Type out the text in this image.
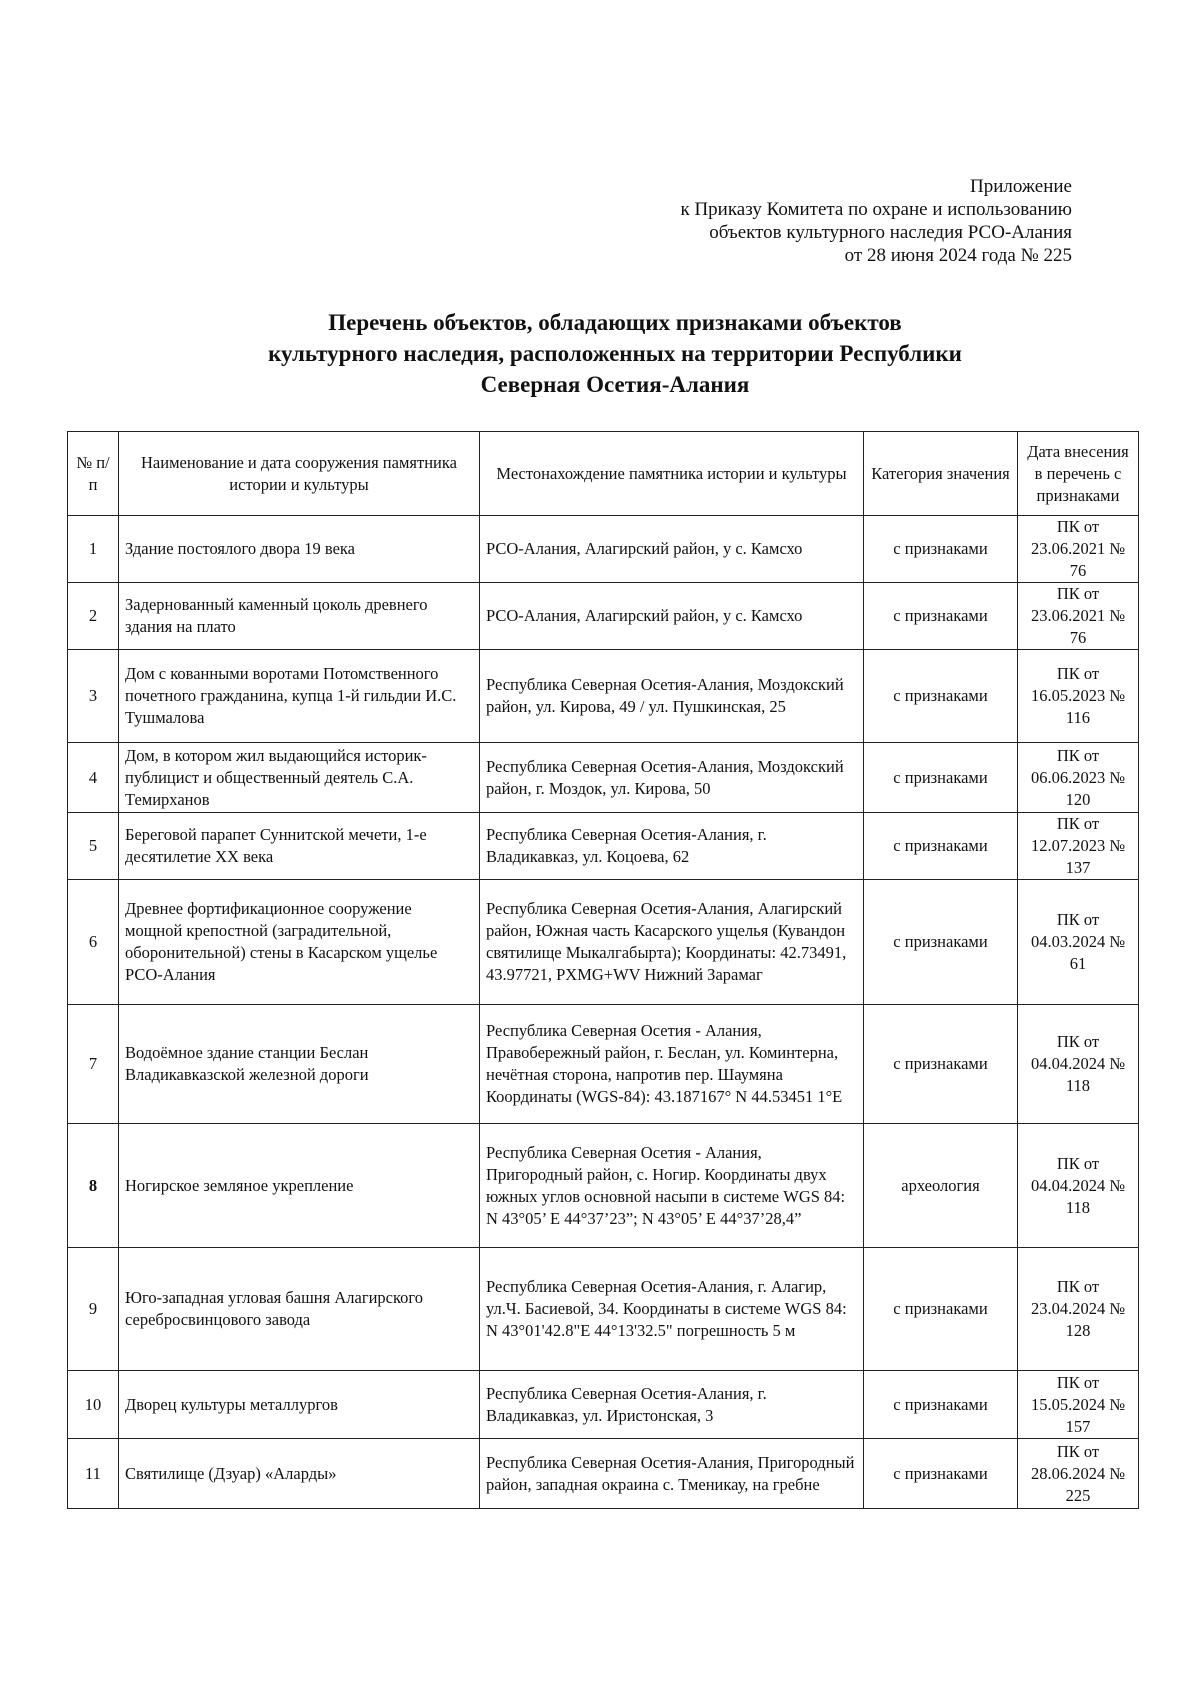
Приложение
к Приказу Комитета по охране и использованию
объектов культурного наследия РСО-Алания
от 28 июня 2024 года № 225
Перечень объектов, обладающих признаками объектов
культурного наследия, расположенных на территории Республики
Северная Осетия-Алания
№ п/п	Наименование и дата сооружения памятника истории и культуры	Местонахождение памятника истории и культуры	Категория значения	Дата внесения в перечень с признаками
1	Здание постоялого двора 19 века	РСО-Алания, Алагирский район, у с. Камсхо	с признаками	ПК от 23.06.2021 № 76
2	Задернованный каменный цоколь древнего здания на плато	РСО-Алания, Алагирский район, у с. Камсхо	с признаками	ПК от 23.06.2021 № 76
3	Дом с кованными воротами Потомственного почетного гражданина, купца 1-й гильдии И.С. Тушмалова	Республика Северная Осетия-Алания, Моздокский район, ул. Кирова, 49 / ул. Пушкинская, 25	с признаками	ПК от 16.05.2023 № 116
4	Дом, в котором жил выдающийся историк-публицист и общественный деятель С.А. Темирханов	Республика Северная Осетия-Алания, Моздокский район, г. Моздок, ул. Кирова, 50	с признаками	ПК от 06.06.2023 № 120
5	Береговой парапет Суннитской мечети, 1-е десятилетие XX века	Республика Северная Осетия-Алания, г. Владикавказ, ул. Коцоева, 62	с признаками	ПК от 12.07.2023 № 137
6	Древнее фортификационное сооружение мощной крепостной (заградительной, оборонительной) стены в Касарском ущелье РСО-Алания	Республика Северная Осетия-Алания, Алагирский район, Южная часть Касарского ущелья (Кувандон святилище Мыкалгабырта); Координаты: 42.73491, 43.97721, PXMG+WV Нижний Зарамаг	с признаками	ПК от 04.03.2024 № 61
7	Водоёмное здание станции Беслан Владикавказской железной дороги	Республика Северная Осетия - Алания, Правобережный район, г. Беслан, ул. Коминтерна, нечётная сторона, напротив пер. Шаумяна Координаты (WGS-84): 43.187167° N 44.53451 1°E	с признаками	ПК от 04.04.2024 № 118
8	Ногирское земляное укрепление	Республика Северная Осетия - Алания, Пригородный район, с. Ногир. Координаты двух южных углов основной насыпи в системе WGS 84: N 43°05’ E 44°37’23”; N 43°05’ E 44°37’28,4”	археология	ПК от 04.04.2024 № 118
9	Юго-западная угловая башня Алагирского серебросвинцового завода	Республика Северная Осетия-Алания, г. Алагир, ул.Ч. Басиевой, 34. Координаты в системе WGS 84: N 43°01'42.8"E 44°13'32.5" погрешность 5 м	с признаками	ПК от 23.04.2024 № 128
10	Дворец культуры металлургов	Республика Северная Осетия-Алания, г. Владикавказ, ул. Иристонская, 3	с признаками	ПК от 15.05.2024 № 157
11	Святилище (Дзуар) «Аларды»	Республика Северная Осетия-Алания, Пригородный район, западная окраина с. Тменикау, на гребне	с признаками	ПК от 28.06.2024 № 225
